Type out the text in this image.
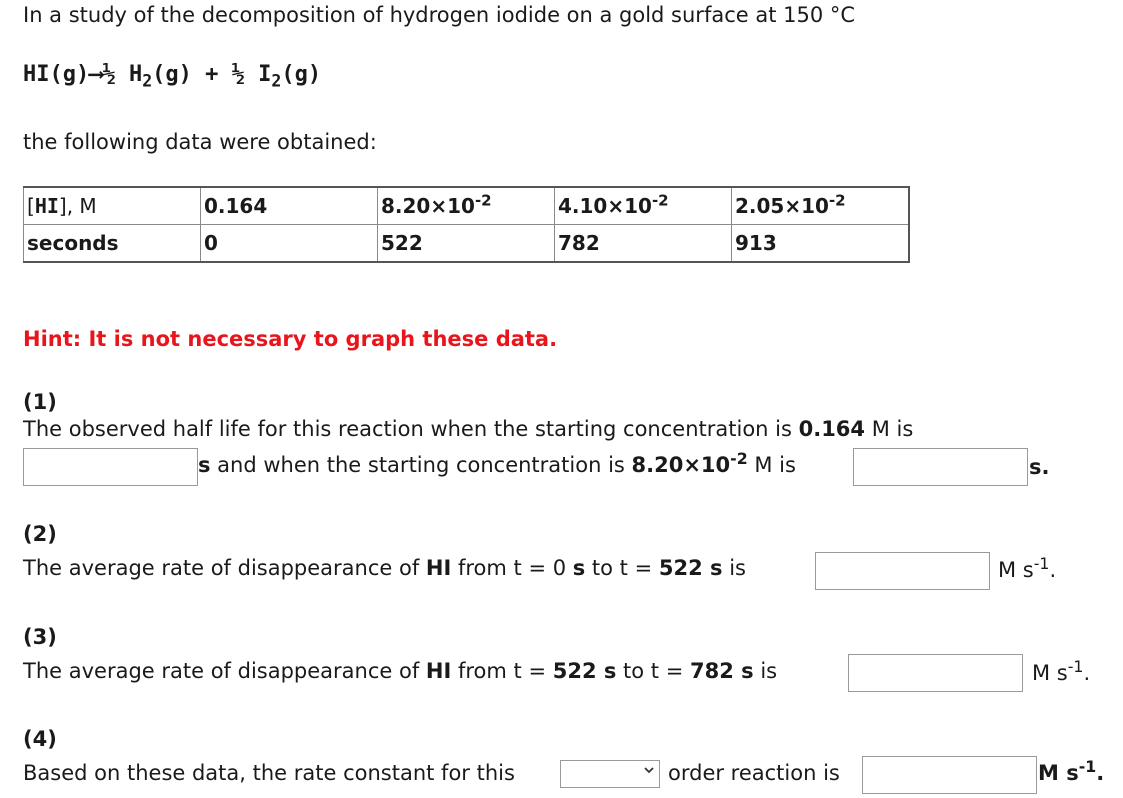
In a study of the decomposition of hydrogen iodide on a gold surface at 150 °C
HI(g)⟶½ $H_2(g)$ + ½ $I_2(g)$
the following data were obtained:
[HI], M	0.164	$8.20\times 10^{-2}$	$4.10\times 10^{-2}$	$2.05\times 10^{-2}$
seconds	0	522	782	913
Hint: It is not necessary to graph these data.
(1)
The observed half life for this reaction when the starting concentration is 0.164 M is
s and when the starting concentration is $8.20\times 10^{-2}$ M is	s.
(2)
The average rate of disappearance of HI from t = 0 s to t = 522 s is	M $s^{-1}$.
(3)
The average rate of disappearance of HI from t = 522 s to t = 782 s is	M $s^{-1}$.
(4)
Based on these data, the rate constant for this	order reaction is	M $s^{-1}$.
